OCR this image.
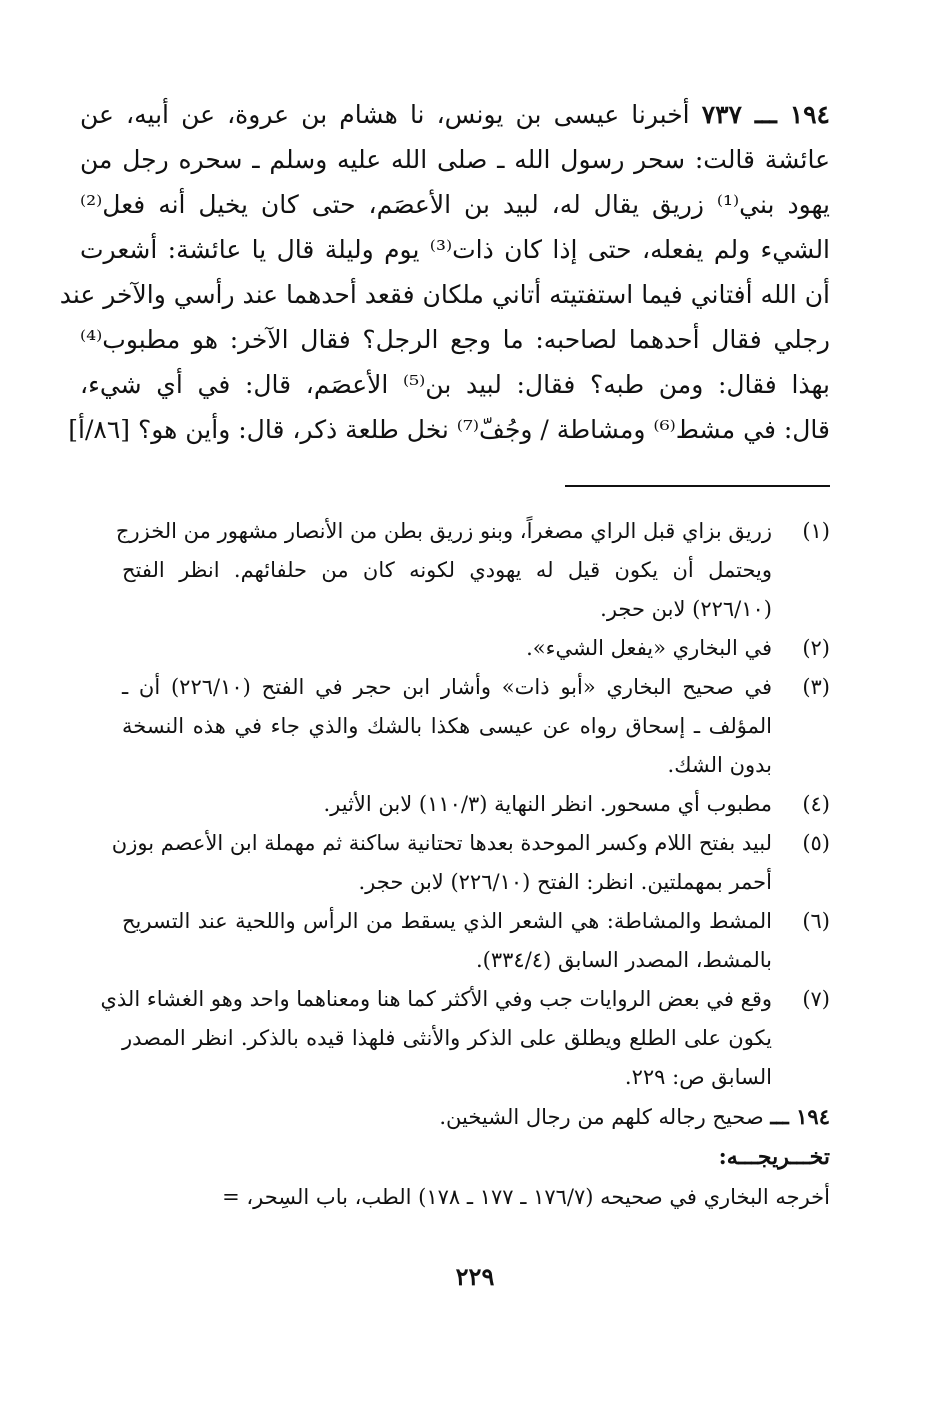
١٩٤ ـــ ٧٣٧ أخبرنا عيسى بن يونس، نا هشام بن عروة، عن أبيه، عن
عائشة قالت: سحر رسول الله ـ صلى الله عليه وسلم ـ سحره رجل من
يهود بني⁽¹⁾ زريق يقال له، لبيد بن الأعصَم، حتى كان يخيل أنه فعل⁽²⁾
الشيء ولم يفعله، حتى إذا كان ذات⁽³⁾ يوم وليلة قال يا عائشة: أشعرت
أن الله أفتاني فيما استفتيته أتاني ملكان فقعد أحدهما عند رأسي والآخر عند
رجلي فقال أحدهما لصاحبه: ما وجع الرجل؟ فقال الآخر: هو مطبوب⁽⁴⁾
بهذا فقال: ومن طبه؟ فقال: لبيد بن⁽⁵⁾ الأعصَم، قال: في أي شيء،
قال: في مشط⁽⁶⁾ ومشاطة / وجُفّ⁽⁷⁾ نخل طلعة ذكر، قال: وأين هو؟ [٨٦/أ]
(١)
زريق بزاي قبل الراي مصغراً، وبنو زريق بطن من الأنصار مشهور من الخزرج
ويحتمل أن يكون قيل له يهودي لكونه كان من حلفائهم. انظر الفتح
(٢٢٦/١٠) لابن حجر.
(٢)
في البخاري «يفعل الشيء».
(٣)
في صحيح البخاري «أبو ذات» وأشار ابن حجر في الفتح (٢٢٦/١٠) أن ـ
المؤلف ـ إسحاق رواه عن عيسى هكذا بالشك والذي جاء في هذه النسخة
بدون الشك.
(٤)
مطبوب أي مسحور. انظر النهاية (١١٠/٣) لابن الأثير.
(٥)
لبيد بفتح اللام وكسر الموحدة بعدها تحتانية ساكنة ثم مهملة ابن الأعصم بوزن
أحمر بمهملتين. انظر: الفتح (٢٢٦/١٠) لابن حجر.
(٦)
المشط والمشاطة: هي الشعر الذي يسقط من الرأس واللحية عند التسريح
بالمشط، المصدر السابق (٣٣٤/٤).
(٧)
وقع في بعض الروايات جب وفي الأكثر كما هنا ومعناهما واحد وهو الغشاء الذي
يكون على الطلع ويطلق على الذكر والأنثى فلهذا قيده بالذكر. انظر المصدر
السابق ص: ٢٢٩.
١٩٤ ـــ صحيح رجاله كلهم من رجال الشيخين.
تخـــريجـــه:
أخرجه البخاري في صحيحه (١٧٦/٧ ـ ١٧٧ ـ ١٧٨) الطب، باب السِحر، =
٢٢٩
